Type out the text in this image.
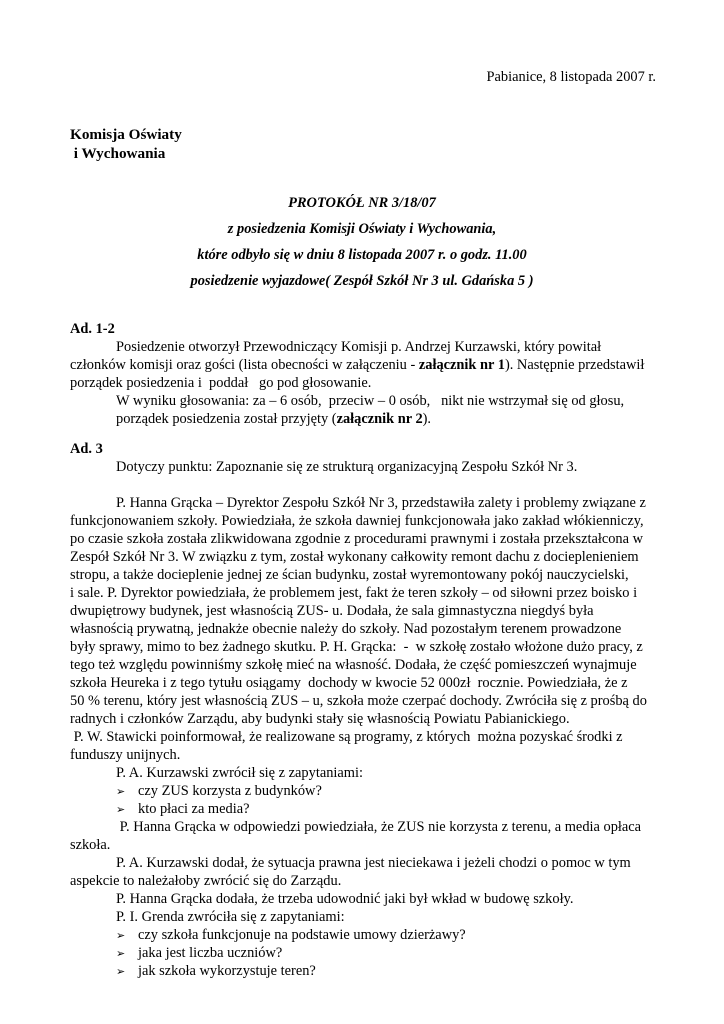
Pabianice, 8 listopada 2007 r.

Komisja Oświaty

i Wychowania

PROTOKÓŁ NR 3/18/07

z posiedzenia Komisji Oświaty i Wychowania,

które odbyło się w dniu 8 listopada 2007 r. o godz. 11.00

posiedzenie wyjazdowe( Zespół Szkół Nr 3 ul. Gdańska 5 )

Ad. 1-2

Posiedzenie otworzył Przewodniczący Komisji p. Andrzej Kurzawski, który powitał

członków komisji oraz gości (lista obecności w załączeniu - załącznik nr 1). Następnie przedstawił

porządek posiedzenia i  poddał   go pod głosowanie.

W wyniku głosowania: za – 6 osób,  przeciw – 0 osób,   nikt nie wstrzymał się od głosu,

porządek posiedzenia został przyjęty (załącznik nr 2).

Ad. 3

Dotyczy punktu: Zapoznanie się ze strukturą organizacyjną Zespołu Szkół Nr 3.

P. Hanna Grącka – Dyrektor Zespołu Szkół Nr 3, przedstawiła zalety i problemy związane z

funkcjonowaniem szkoły. Powiedziała, że szkoła dawniej funkcjonowała jako zakład włókienniczy,

po czasie szkoła została zlikwidowana zgodnie z procedurami prawnymi i została przekształcona w

Zespół Szkół Nr 3. W związku z tym, został wykonany całkowity remont dachu z docieplenieniem

stropu, a także docieplenie jednej ze ścian budynku, został wyremontowany pokój nauczycielski,

i sale. P. Dyrektor powiedziała, że problemem jest, fakt że teren szkoły – od siłowni przez boisko i

dwupiętrowy budynek, jest własnością ZUS- u. Dodała, że sala gimnastyczna niegdyś była

własnością prywatną, jednakże obecnie należy do szkoły. Nad pozostałym terenem prowadzone

były sprawy, mimo to bez żadnego skutku. P. H. Grącka:  -  w szkołę zostało włożone dużo pracy, z

tego też względu powinniśmy szkołę mieć na własność. Dodała, że część pomieszczeń wynajmuje

szkoła Heureka i z tego tytułu osiągamy  dochody w kwocie 52 000zł  rocznie. Powiedziała, że z

50 % terenu, który jest własnością ZUS – u, szkoła może czerpać dochody. Zwróciła się z prośbą do

radnych i członków Zarządu, aby budynki stały się własnością Powiatu Pabianickiego.

P. W. Stawicki poinformował, że realizowane są programy, z których  można pozyskać środki z

funduszy unijnych.

P. A. Kurzawski zwrócił się z zapytaniami:

➢ czy ZUS korzysta z budynków?

➢ kto płaci za media?

P. Hanna Grącka w odpowiedzi powiedziała, że ZUS nie korzysta z terenu, a media opłaca

szkoła.

P. A. Kurzawski dodał, że sytuacja prawna jest nieciekawa i jeżeli chodzi o pomoc w tym

aspekcie to należałoby zwrócić się do Zarządu.

P. Hanna Grącka dodała, że trzeba udowodnić jaki był wkład w budowę szkoły.

P. I. Grenda zwróciła się z zapytaniami:

➢ czy szkoła funkcjonuje na podstawie umowy dzierżawy?

➢ jaka jest liczba uczniów?

➢ jak szkoła wykorzystuje teren?
